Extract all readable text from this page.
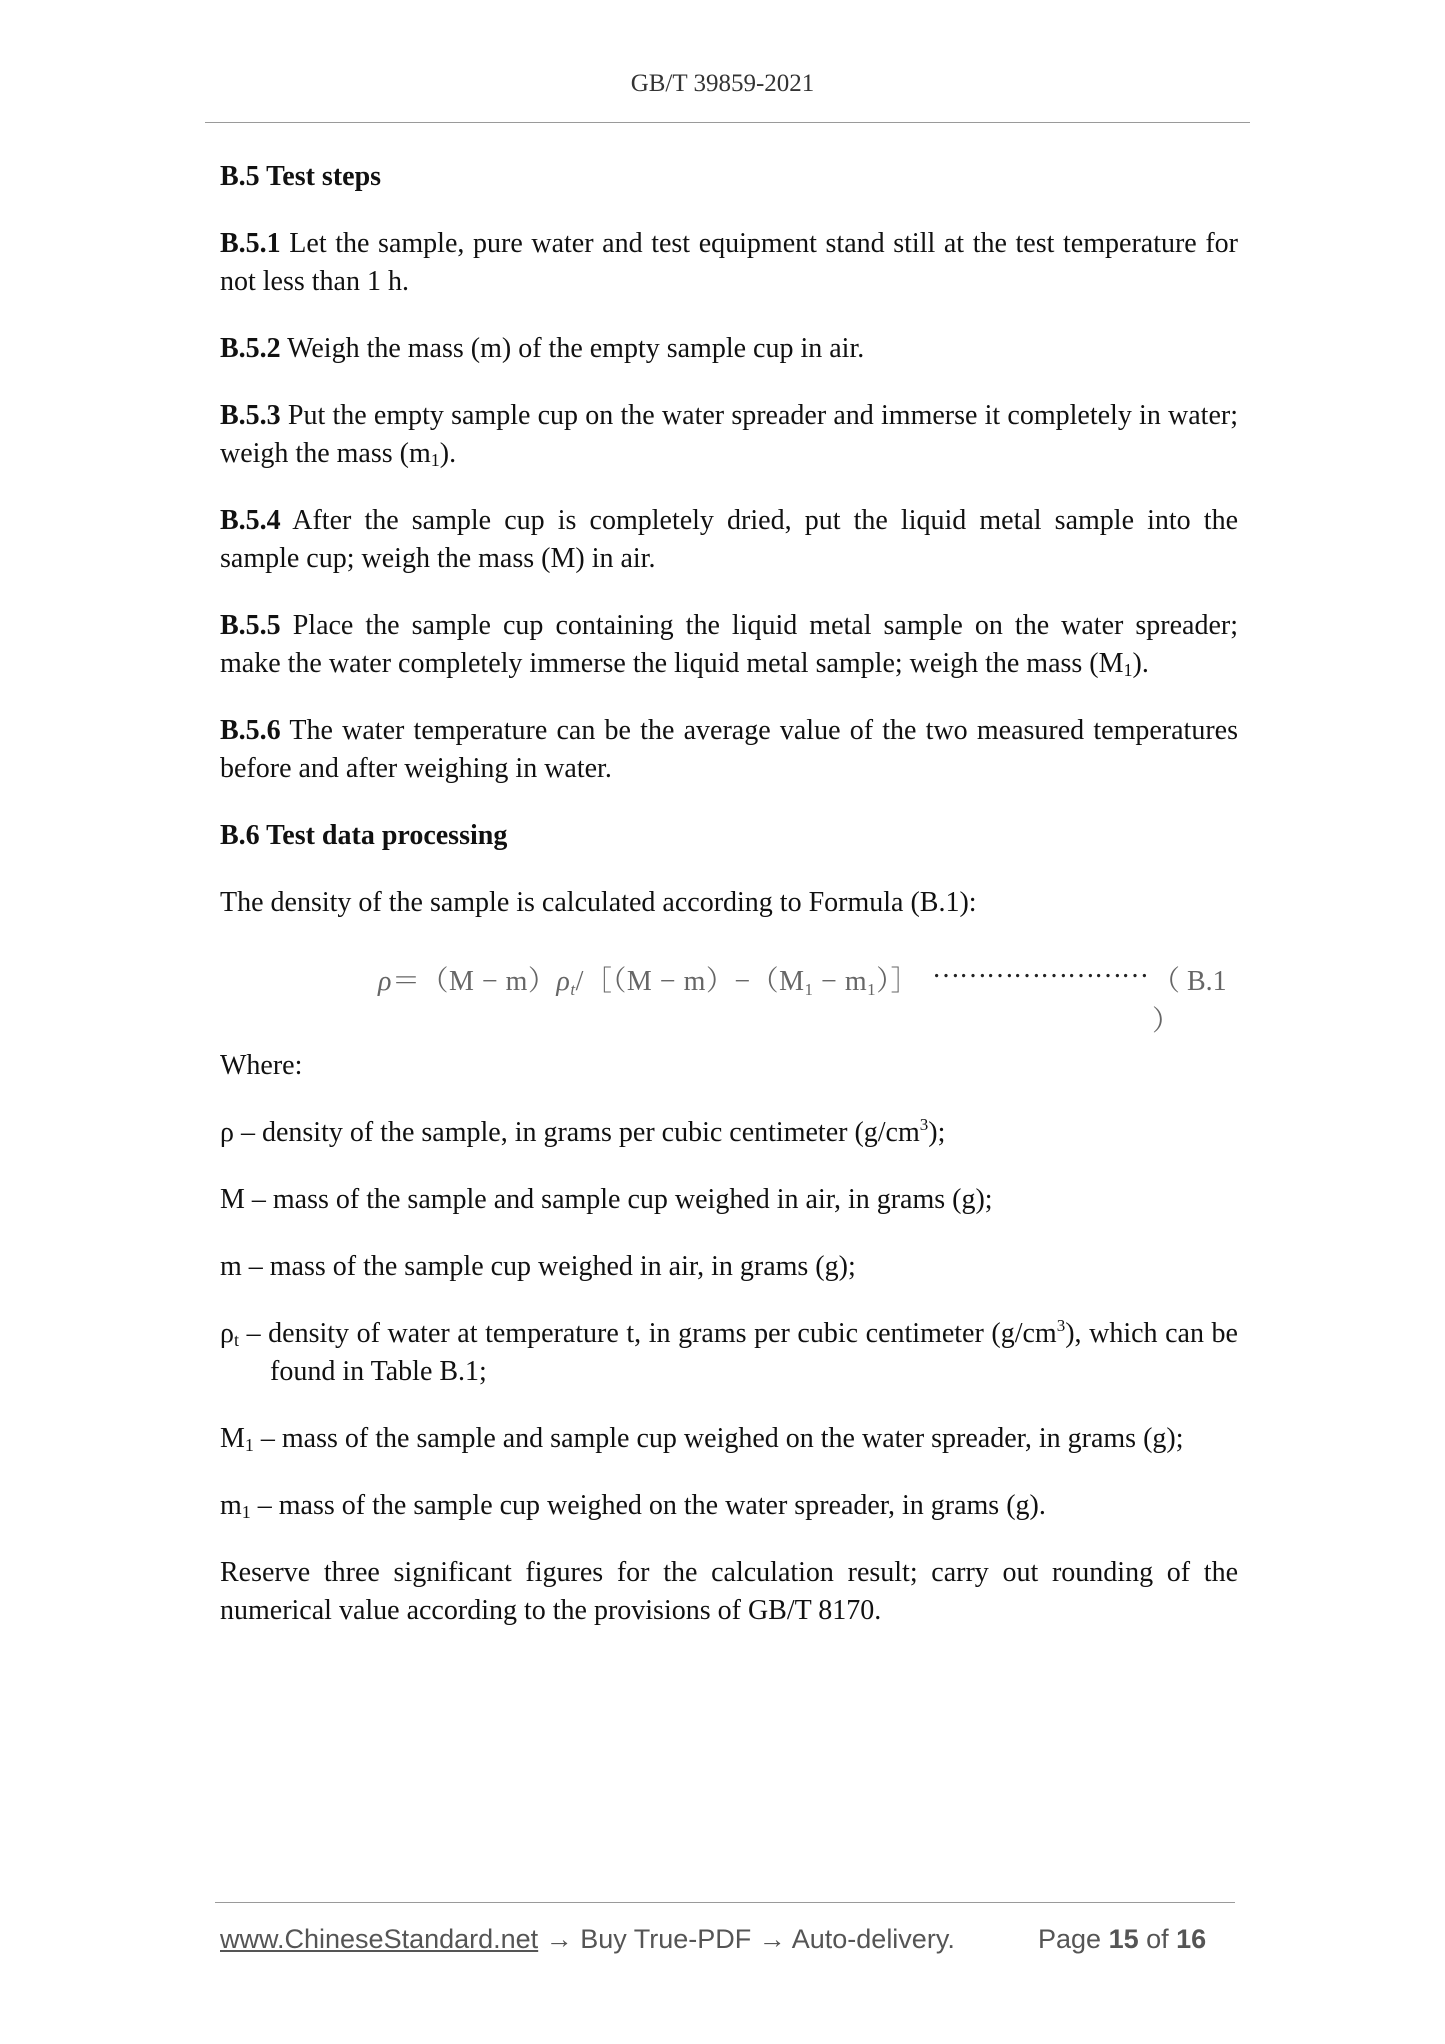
GB/T 39859-2021
B.5 Test steps

B.5.1 Let the sample, pure water and test equipment stand still at the test temperature for not less than 1 h.

B.5.2 Weigh the mass (m) of the empty sample cup in air.

B.5.3 Put the empty sample cup on the water spreader and immerse it completely in water; weigh the mass $(m_1)$.

B.5.4 After the sample cup is completely dried, put the liquid metal sample into the sample cup; weigh the mass (M) in air.

B.5.5 Place the sample cup containing the liquid metal sample on the water spreader; make the water completely immerse the liquid metal sample; weigh the mass $(M_1)$.

B.5.6 The water temperature can be the average value of the two measured temperatures before and after weighing in water.

B.6 Test data processing

The density of the sample is calculated according to Formula (B.1):

$\rho=(M - m)\rho_t/[(M - m)-(M_1$ − $m_1)]$ …………………… （ B.1 ）

Where:

ρ – density of the sample, in grams per cubic centimeter $(g/cm^3)$;

M – mass of the sample and sample cup weighed in air, in grams (g);

m – mass of the sample cup weighed in air, in grams (g);

$\rho_t$ – density of water at temperature t, in grams per cubic centimeter $(g/cm^3)$, which can be found in Table B.1;

$M_1$ – mass of the sample and sample cup weighed on the water spreader, in grams (g);

$m_1$ – mass of the sample cup weighed on the water spreader, in grams (g).

Reserve three significant figures for the calculation result; carry out rounding of the numerical value according to the provisions of GB/T 8170.

www.ChineseStandard.net → Buy True-PDF → Auto-delivery.	Page 15 of 16
